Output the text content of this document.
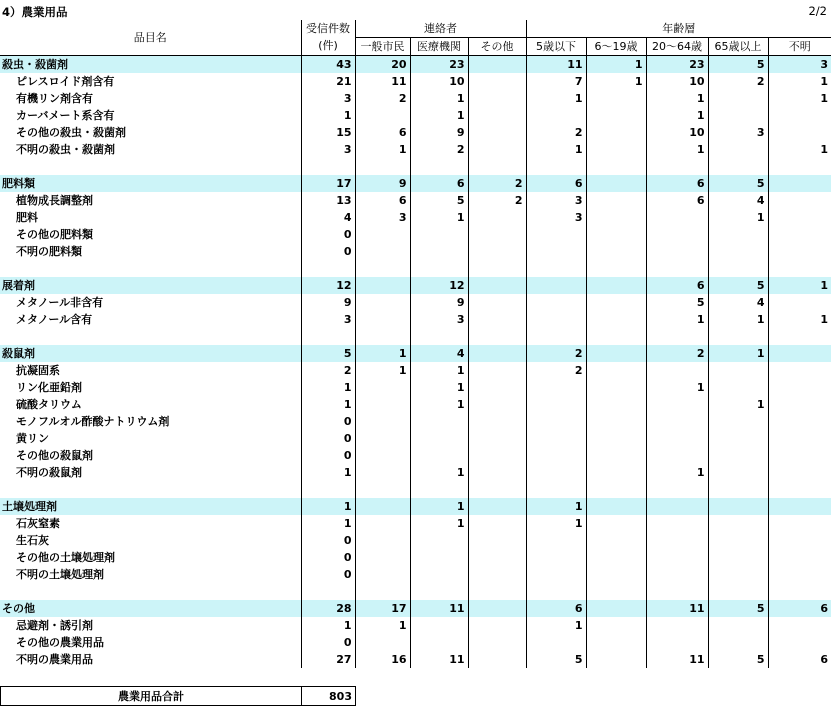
4）農業用品	2/2
品目名	受信件数	連絡者			年齢層				
	(件)	一般市民	医療機関	その他	5歳以下	6～19歳	20～64歳	65歳以上	不明
殺虫・殺菌剤	43	20	23		11	1	23	5	3
ピレスロイド剤含有	21	11	10		7	1	10	2	1
有機リン剤含有	3	2	1		1		1		1
カーバメート系含有	1		1				1		
その他の殺虫・殺菌剤	15	6	9		2		10	3	
不明の殺虫・殺菌剤	3	1	2		1		1		1

肥料類	17	9	6	2	6		6	5	
植物成長調整剤	13	6	5	2	3		6	4	
肥料	4	3	1		3			1	
その他の肥料類	0								
不明の肥料類	0								

展着剤	12		12				6	5	1
メタノール非含有	9		9				5	4	
メタノール含有	3		3				1	1	1

殺鼠剤	5	1	4		2		2	1	
抗凝固系	2	1	1		2				
リン化亜鉛剤	1		1				1		
硫酸タリウム	1		1					1	
モノフルオル酢酸ナトリウム剤	0								
黄リン	0								
その他の殺鼠剤	0								
不明の殺鼠剤	1		1				1		

土壌処理剤	1		1		1				
石灰窒素	1		1		1				
生石灰	0								
その他の土壌処理剤	0								
不明の土壌処理剤	0								

その他	28	17	11		6		11	5	6
忌避剤・誘引剤	1	1			1				
その他の農業用品	0								
不明の農業用品	27	16	11		5		11	5	6
農業用品合計	803
